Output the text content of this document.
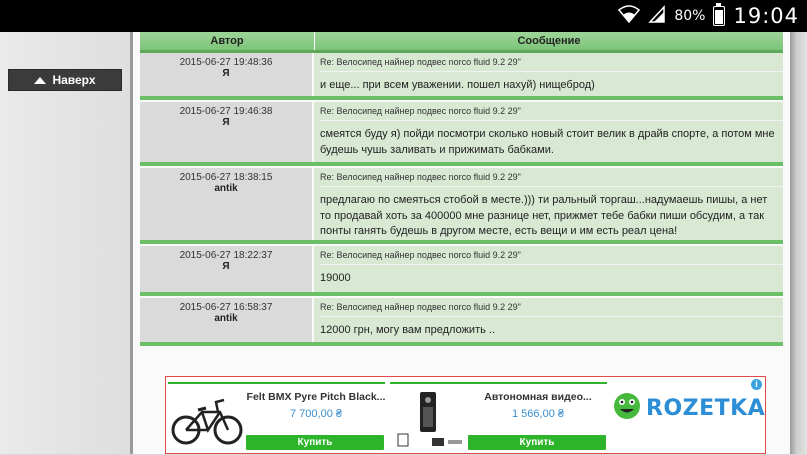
80% 19:04
Наверх
Автор	Сообщение
2015-06-27 19:48:36
Я
Re: Велосипед найнер подвес norco fluid 9.2 29"
и еще... при всем уважении. пошел нахуй) нищеброд)
2015-06-27 19:46:38
Я
Re: Велосипед найнер подвес norco fluid 9.2 29"
смеятся буду я) пойди посмотри сколько новый стоит велик в драйв спорте, а потом мне будешь чушь заливать и прижимать бабками.
2015-06-27 18:38:15
antik
Re: Велосипед найнер подвес norco fluid 9.2 29"
предлагаю по смеяться стобой в месте.))) ти ральный торгаш...надумаешь пишы, а нет то продавай хоть за 400000 мне разнице нет, прижмет тебе бабки пиши обсудим, а так понты ганять будешь в другом месте, есть вещи и им есть реал цена!
2015-06-27 18:22:37
Я
Re: Велосипед найнер подвес norco fluid 9.2 29"
19000
2015-06-27 16:58:37
antik
Re: Велосипед найнер подвес norco fluid 9.2 29"
12000 грн, могу вам предложить ..
i
Felt BMX Pyre Pitch Black...
7 700,00 ₴
Купить
Автономная видео...
1 566,00 ₴
Купить
ROZETKA
